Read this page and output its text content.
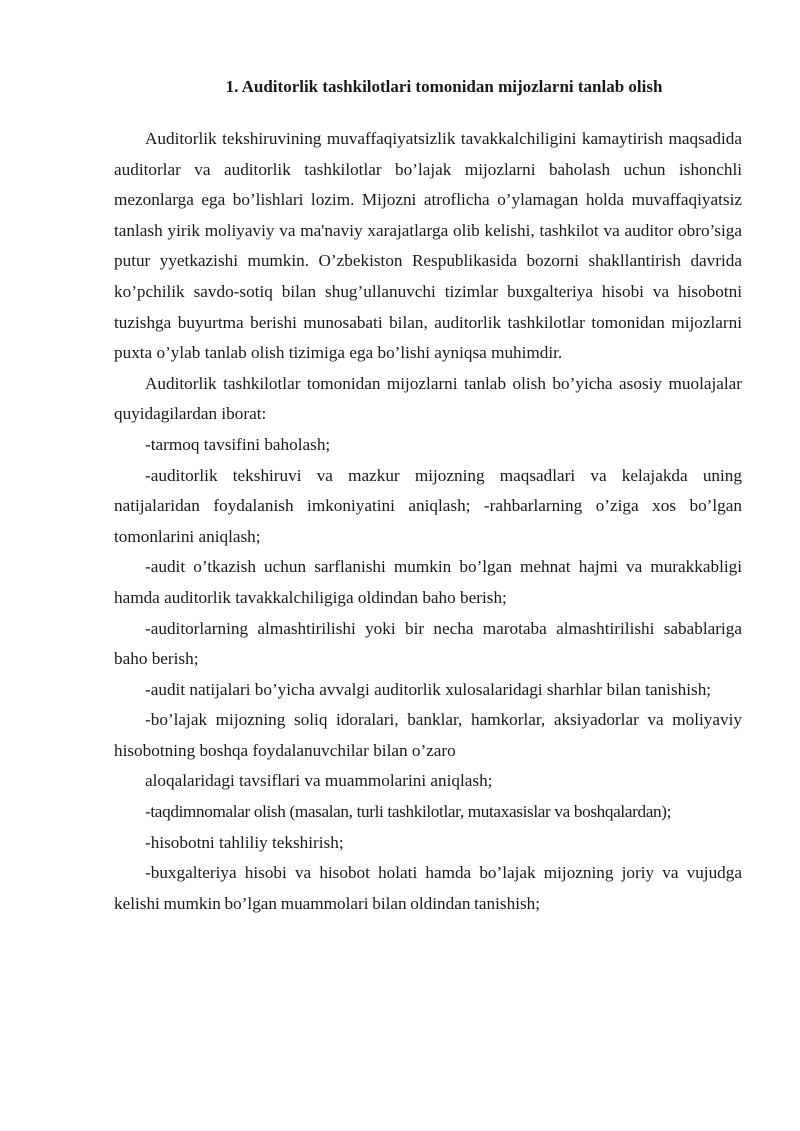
1. Auditorlik tashkilotlari tomonidan mijozlarni tanlab olish

Auditorlik tekshiruvining muvaffaqiyatsizlik tavakkalchiligini kamaytirish maqsadida auditorlar va auditorlik tashkilotlar bo’lajak mijozlarni baholash uchun ishonchli mezonlarga ega bo’lishlari lozim. Mijozni atroflicha o’ylamagan holda muvaffaqiyatsiz tanlash yirik moliyaviy va ma'naviy xarajatlarga olib kelishi, tashkilot va auditor obro’siga putur yyetkazishi mumkin. O’zbekiston Respublikasida bozorni shakllantirish davrida ko’pchilik savdo-sotiq bilan shug’ullanuvchi tizimlar buxgalteriya hisobi va hisobotni tuzishga buyurtma berishi munosabati bilan, auditorlik tashkilotlar tomonidan mijozlarni puxta o’ylab tanlab olish tizimiga ega bo’lishi ayniqsa muhimdir.

Auditorlik tashkilotlar tomonidan mijozlarni tanlab olish bo’yicha asosiy muolajalar quyidagilardan iborat:

-tarmoq tavsifini baholash;

-auditorlik tekshiruvi va mazkur mijozning maqsadlari va kelajakda uning natijalaridan foydalanish imkoniyatini aniqlash; -rahbarlarning o’ziga xos bo’lgan tomonlarini aniqlash;

-audit o’tkazish uchun sarflanishi mumkin bo’lgan mehnat hajmi va murakkabligi hamda auditorlik tavakkalchiligiga oldindan baho berish;

-auditorlarning almashtirilishi yoki bir necha marotaba almashtirilishi sabablariga baho berish;

-audit natijalari bo’yicha avvalgi auditorlik xulosalaridagi sharhlar bilan tanishish;

-bo’lajak mijozning soliq idoralari, banklar, hamkorlar, aksiyadorlar va moliyaviy hisobotning boshqa foydalanuvchilar bilan o’zaro

aloqalaridagi tavsiflari va muammolarini aniqlash;

-taqdimnomalar olish (masalan, turli tashkilotlar, mutaxasislar va boshqalardan);

-hisobotni tahliliy tekshirish;

-buxgalteriya hisobi va hisobot holati hamda bo’lajak mijozning joriy va vujudga kelishi mumkin bo’lgan muammolari bilan oldindan tanishish;
